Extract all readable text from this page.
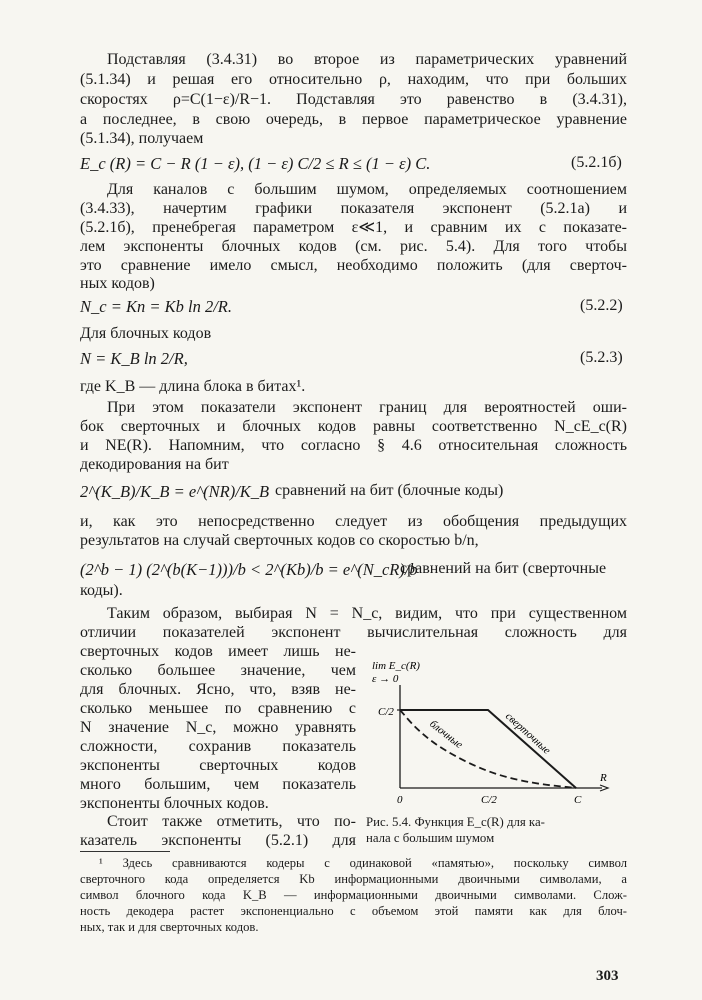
Подставляя (3.4.31) во второе из параметрических уравнений
(5.1.34) и решая его относительно ρ, находим, что при больших
скоростях ρ=C(1−ε)/R−1. Подставляя это равенство в (3.4.31),
а последнее, в свою очередь, в первое параметрическое уравнение
(5.1.34), получаем
E_c (R) = C − R (1 − ε), (1 − ε) C/2 ≤ R ≤ (1 − ε) C.	(5.2.1б)
Для каналов с большим шумом, определяемых соотношением
(3.4.33), начертим графики показателя экспонент (5.2.1а) и
(5.2.1б), пренебрегая параметром ε≪1, и сравним их с показате-
лем экспоненты блочных кодов (см. рис. 5.4). Для того чтобы
это сравнение имело смысл, необходимо положить (для сверточ-
ных кодов)
N_c = Kn = Kb ln 2/R.	(5.2.2)
Для блочных кодов
N = K_B ln 2/R,	(5.2.3)
где K_B — длина блока в битах¹.
При этом показатели экспонент границ для вероятностей оши-
бок сверточных и блочных кодов равны соответственно N_cE_c(R)
и NE(R). Напомним, что согласно § 4.6 относительная сложность
декодирования на бит
2^(K_B)/K_B = e^(NR)/K_B сравнений на бит (блочные коды)
и, как это непосредственно следует из обобщения предыдущих
результатов на случай сверточных кодов со скоростью b/n,
(2^b − 1) (2^(b(K−1)))/b < 2^(Kb)/b = e^(N_cR)/b
сравнений на бит (сверточные
коды).
Таким образом, выбирая N = N_c, видим, что при существенном
отличии показателей экспонент вычислительная сложность для
сверточных кодов имеет лишь не-
сколько большее значение, чем
для блочных. Ясно, что, взяв не-
сколько меньшее по сравнению с
N значение N_c, можно уравнять
сложности, сохранив показатель
экспоненты сверточных кодов
много большим, чем показатель
экспоненты блочных кодов.
Стоит также отметить, что по-
казатель экспоненты (5.2.1) для
lim E_c(R)
ε → 0
C/2
0	C/2	C
R
блочные	сверточные
Рис. 5.4. Функция E_c(R) для ка-
нала с большим шумом
¹ Здесь сравниваются кодеры с одинаковой «памятью», поскольку символ
сверточного кода определяется Kb информационными двоичными символами, а
символ блочного кода K_B — информационными двоичными символами. Слож-
ность декодера растет экспоненциально с объемом этой памяти как для блоч-
ных, так и для сверточных кодов.
303
